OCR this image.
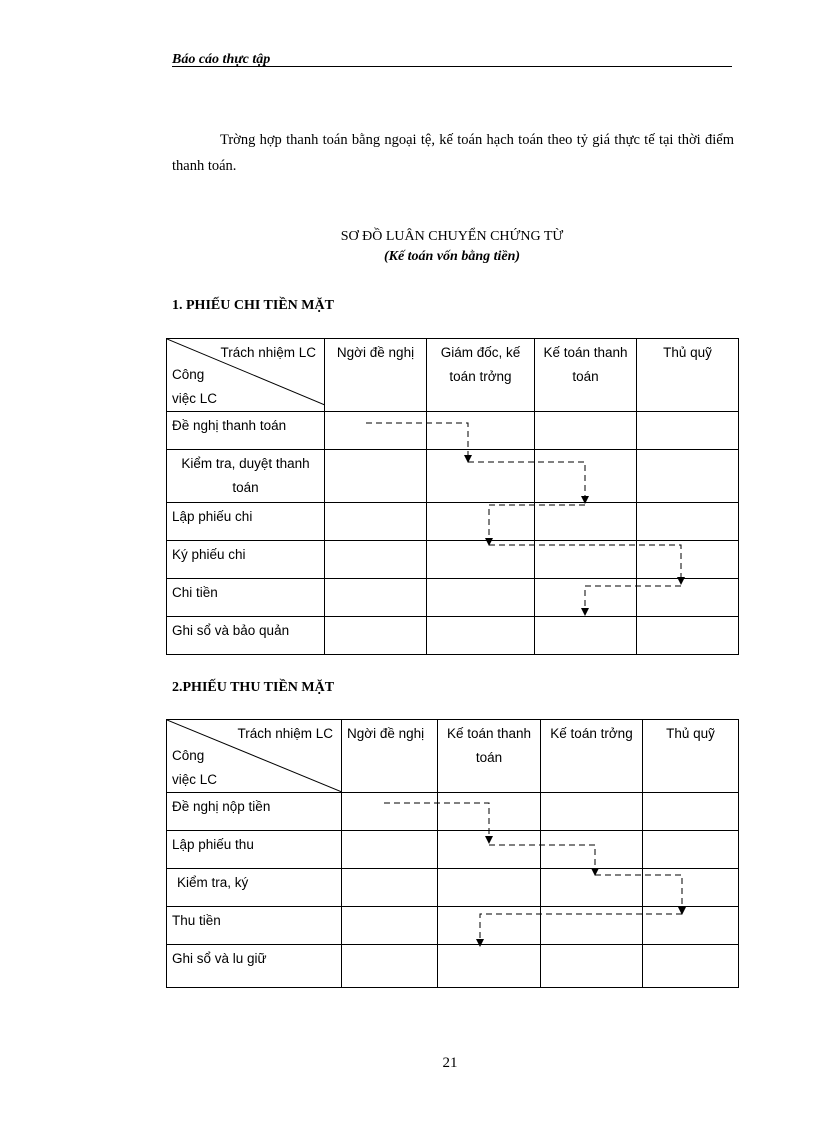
Báo cáo thực tập
Trờng hợp thanh toán bằng ngoại tệ, kế toán hạch toán theo tỷ giá thực tế tại thời điểm thanh toán.
SƠ ĐỒ LUÂN CHUYỂN CHỨNG TỪ
(Kế toán vốn bằng tiền)
1. PHIẾU CHI TIỀN MẶT
Trách nhiệm LC
Công việc LC	Ngời đề nghị	Giám đốc, kế toán trởng	Kế toán thanh toán	Thủ quỹ
Đề nghị thanh toán				
Kiểm tra, duyệt thanh toán				
Lập phiếu chi				
Ký phiếu chi				
Chi tiền				
Ghi sổ và bảo quản				
2.PHIẾU THU TIỀN MẶT
Trách nhiệm LC
Công việc LC	Ngời đề nghị	Kế toán thanh toán	Kế toán trởng	Thủ quỹ
Đề nghị nộp tiền				
Lập phiếu thu				
Kiểm tra, ký				
Thu tiền				
Ghi sổ và lu giữ				
21
